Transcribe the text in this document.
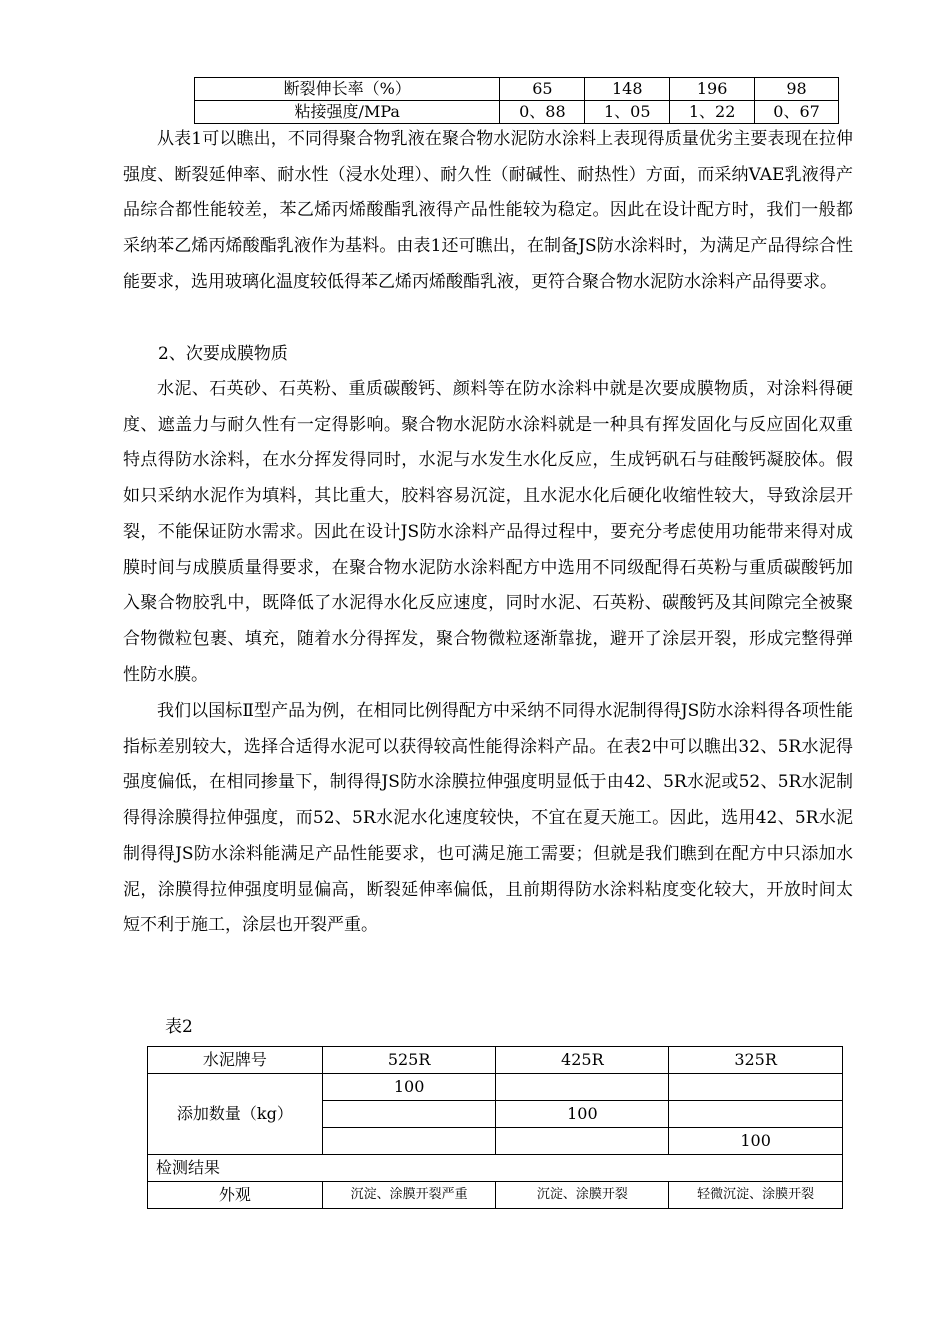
断裂伸长率（%）	65	148	196	98
粘接强度/MPa	0、88	1、05	1、22	0、67

从表1可以瞧出，不同得聚合物乳液在聚合物水泥防水涂料上表现得质量优劣主要表现在拉伸强度、断裂延伸率、耐水性（浸水处理）、耐久性（耐碱性、耐热性）方面，而采纳VAE乳液得产品综合都性能较差，苯乙烯丙烯酸酯乳液得产品性能较为稳定。因此在设计配方时，我们一般都采纳苯乙烯丙烯酸酯乳液作为基料。由表1还可瞧出，在制备JS防水涂料时，为满足产品得综合性能要求，选用玻璃化温度较低得苯乙烯丙烯酸酯乳液，更符合聚合物水泥防水涂料产品得要求。

2、次要成膜物质

水泥、石英砂、石英粉、重质碳酸钙、颜料等在防水涂料中就是次要成膜物质，对涂料得硬度、遮盖力与耐久性有一定得影响。聚合物水泥防水涂料就是一种具有挥发固化与反应固化双重特点得防水涂料，在水分挥发得同时，水泥与水发生水化反应，生成钙矾石与硅酸钙凝胶体。假如只采纳水泥作为填料，其比重大，胶料容易沉淀，且水泥水化后硬化收缩性较大，导致涂层开裂，不能保证防水需求。因此在设计JS防水涂料产品得过程中，要充分考虑使用功能带来得对成膜时间与成膜质量得要求，在聚合物水泥防水涂料配方中选用不同级配得石英粉与重质碳酸钙加入聚合物胶乳中，既降低了水泥得水化反应速度，同时水泥、石英粉、碳酸钙及其间隙完全被聚合物微粒包裹、填充，随着水分得挥发，聚合物微粒逐渐靠拢，避开了涂层开裂，形成完整得弹性防水膜。

我们以国标Ⅱ型产品为例，在相同比例得配方中采纳不同得水泥制得得JS防水涂料得各项性能指标差别较大，选择合适得水泥可以获得较高性能得涂料产品。在表2中可以瞧出32、5R水泥得强度偏低，在相同掺量下，制得得JS防水涂膜拉伸强度明显低于由42、5R水泥或52、5R水泥制得得涂膜得拉伸强度，而52、5R水泥水化速度较快，不宜在夏天施工。因此，选用42、5R水泥制得得JS防水涂料能满足产品性能要求，也可满足施工需要；但就是我们瞧到在配方中只添加水泥，涂膜得拉伸强度明显偏高，断裂延伸率偏低，且前期得防水涂料粘度变化较大，开放时间太短不利于施工，涂层也开裂严重。

表2

水泥牌号	525R	425R	325R
添加数量（kg）	100		
		100	
			100
检测结果			
外观	沉淀、涂膜开裂严重	沉淀、涂膜开裂	轻微沉淀、涂膜开裂
